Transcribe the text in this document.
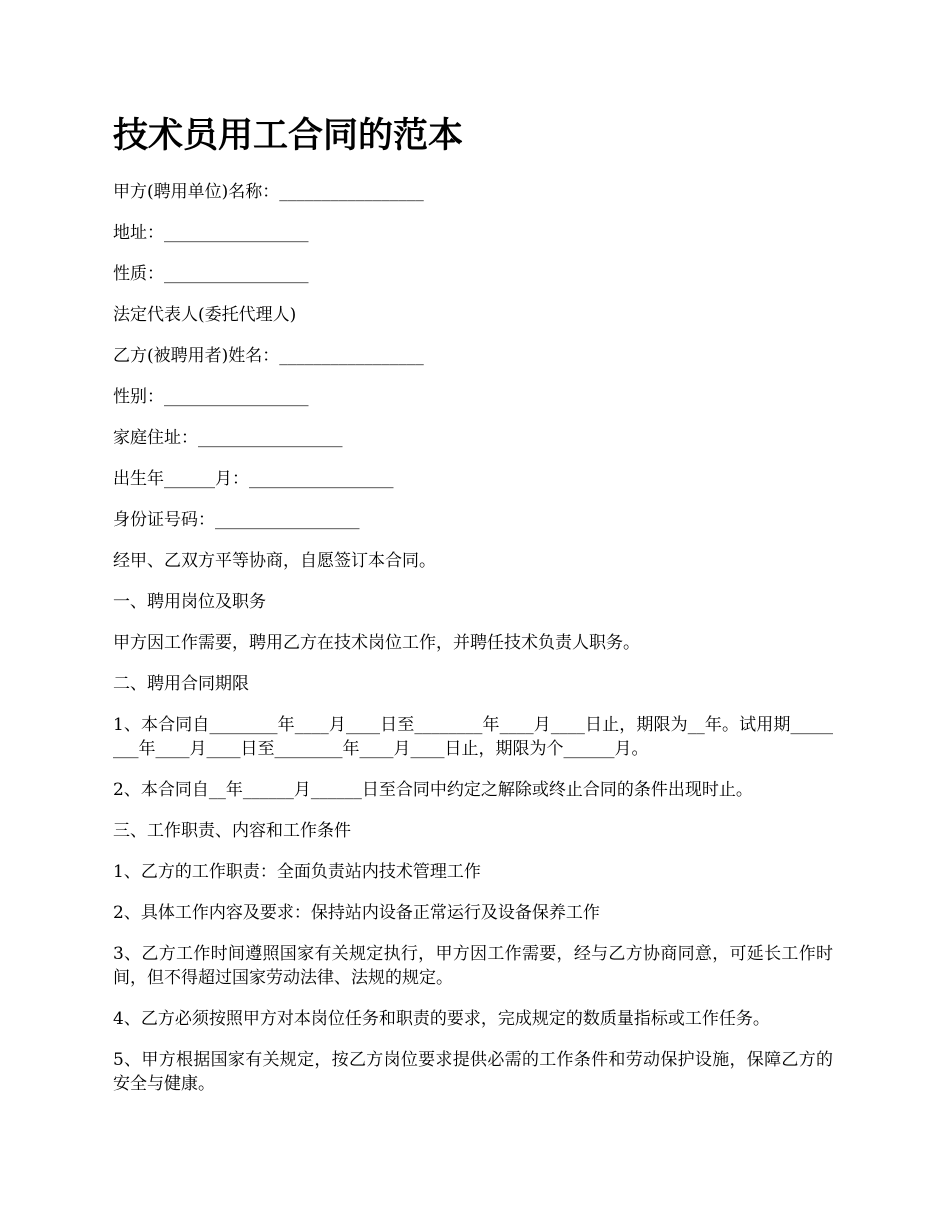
技术员用工合同的范本

甲方(聘用单位)名称：_________________

地址：_________________

性质：_________________

法定代表人(委托代理人)

乙方(被聘用者)姓名：_________________

性别：_________________

家庭住址：_________________

出生年______月：_________________

身份证号码：_________________

经甲、乙双方平等协商，自愿签订本合同。

一、聘用岗位及职务

甲方因工作需要，聘用乙方在技术岗位工作，并聘任技术负责人职务。

二、聘用合同期限

1、本合同自________年____月____日至________年____月____日止，期限为__年。试用期________年____月____日至________年____月____日止，期限为个______月。

2、本合同自__年______月______日至合同中约定之解除或终止合同的条件出现时止。

三、工作职责、内容和工作条件

1、乙方的工作职责：全面负责站内技术管理工作

2、具体工作内容及要求：保持站内设备正常运行及设备保养工作

3、乙方工作时间遵照国家有关规定执行，甲方因工作需要，经与乙方协商同意，可延长工作时间，但不得超过国家劳动法律、法规的规定。

4、乙方必须按照甲方对本岗位任务和职责的要求，完成规定的数质量指标或工作任务。

5、甲方根据国家有关规定，按乙方岗位要求提供必需的工作条件和劳动保护设施，保障乙方的安全与健康。
